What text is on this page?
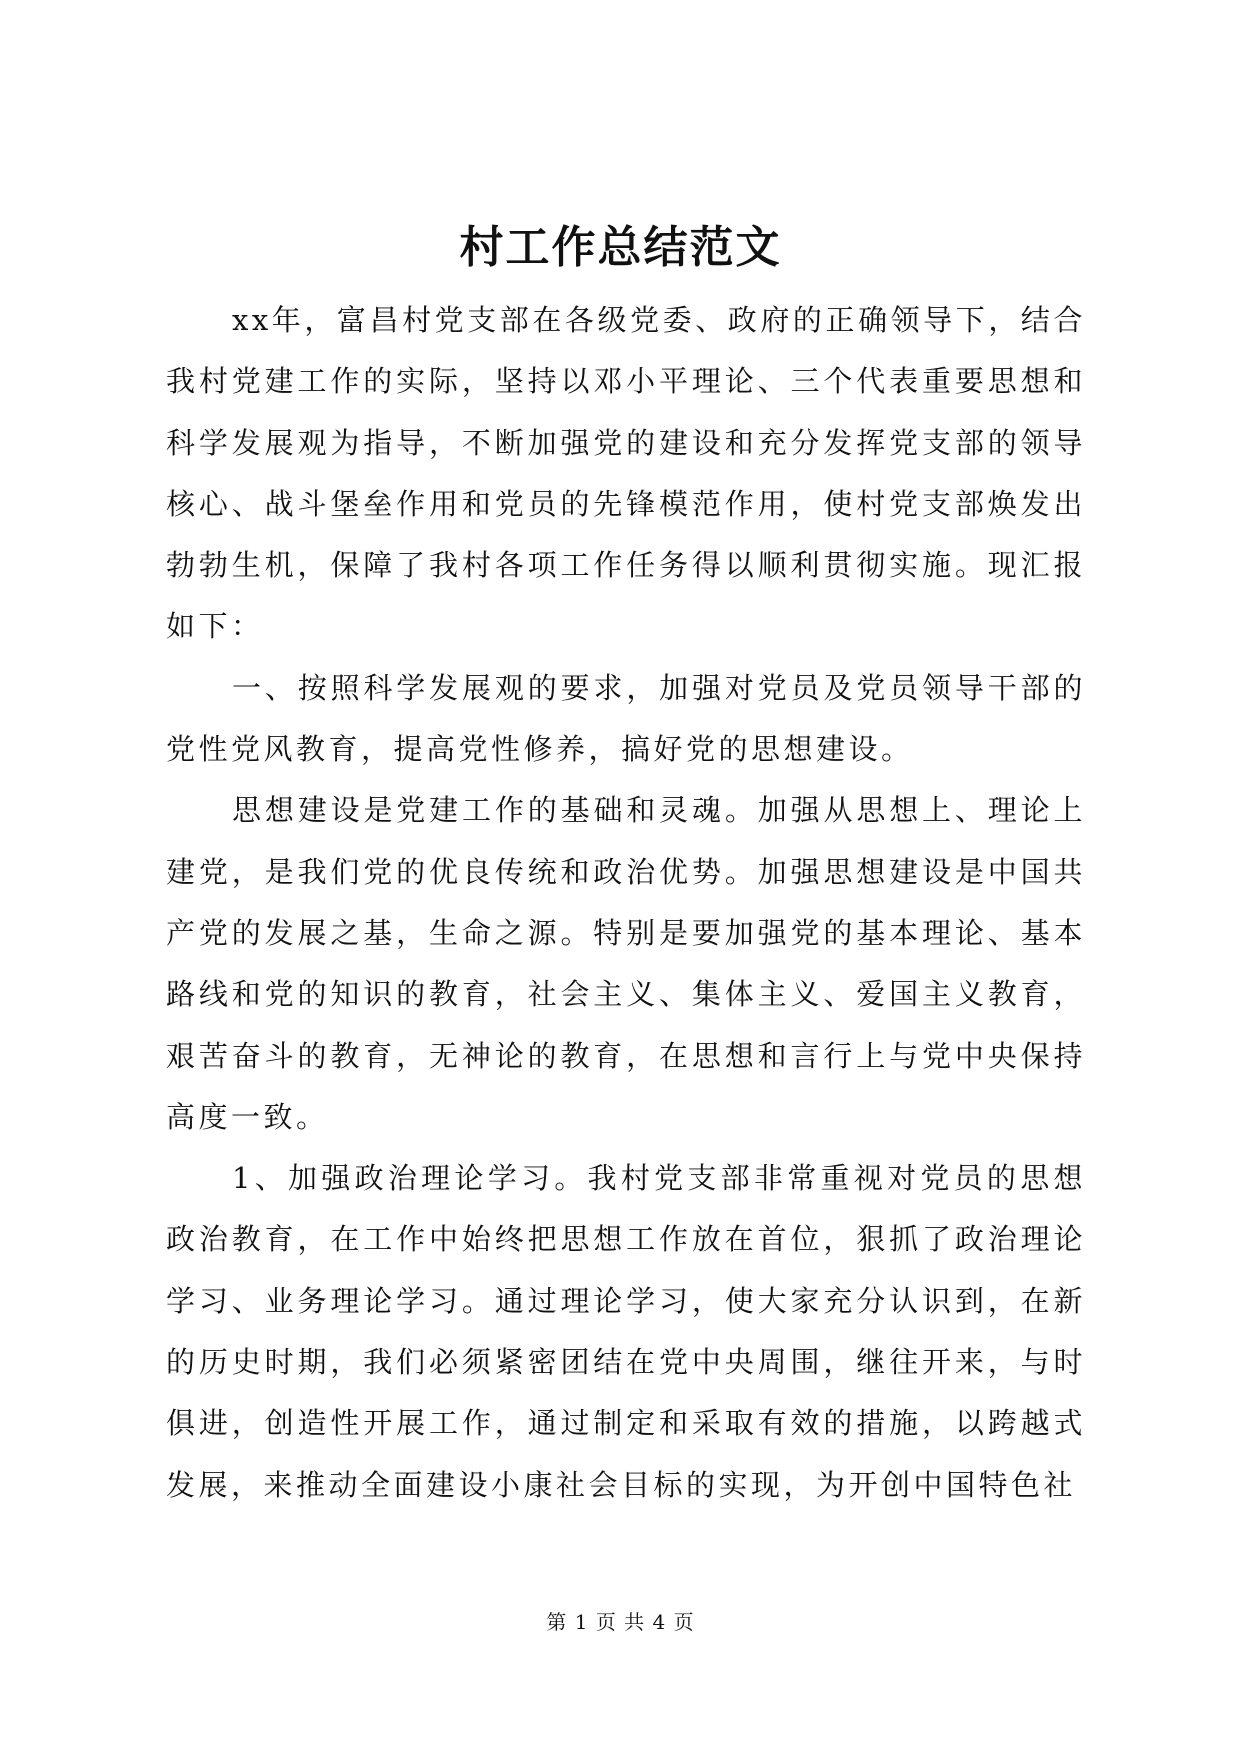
村工作总结范文

xx年，富昌村党支部在各级党委、政府的正确领导下，结合我村党建工作的实际，坚持以邓小平理论、三个代表重要思想和科学发展观为指导，不断加强党的建设和充分发挥党支部的领导核心、战斗堡垒作用和党员的先锋模范作用，使村党支部焕发出勃勃生机，保障了我村各项工作任务得以顺利贯彻实施。现汇报如下：

一、按照科学发展观的要求，加强对党员及党员领导干部的党性党风教育，提高党性修养，搞好党的思想建设。

思想建设是党建工作的基础和灵魂。加强从思想上、理论上建党，是我们党的优良传统和政治优势。加强思想建设是中国共产党的发展之基，生命之源。特别是要加强党的基本理论、基本路线和党的知识的教育，社会主义、集体主义、爱国主义教育，艰苦奋斗的教育，无神论的教育，在思想和言行上与党中央保持高度一致。

1、加强政治理论学习。我村党支部非常重视对党员的思想政治教育，在工作中始终把思想工作放在首位，狠抓了政治理论学习、业务理论学习。通过理论学习，使大家充分认识到，在新的历史时期，我们必须紧密团结在党中央周围，继往开来，与时俱进，创造性开展工作，通过制定和采取有效的措施，以跨越式发展，来推动全面建设小康社会目标的实现，为开创中国特色社

第 1 页 共 4 页
